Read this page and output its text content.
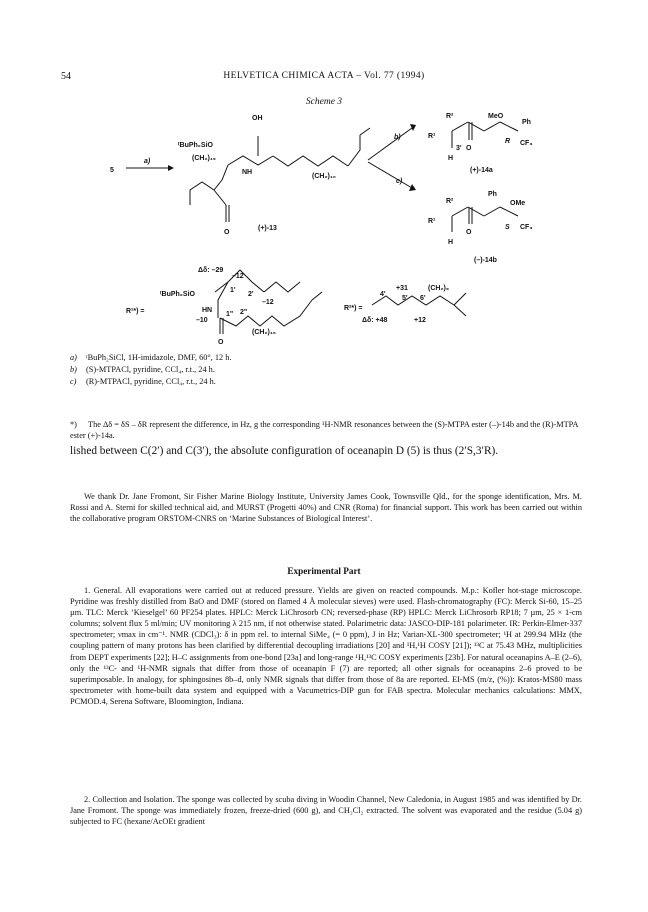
54	HELVETICA CHIMICA ACTA – Vol. 77 (1994)
Scheme 3
5
a)
OH
ᵗBuPh₂SiO
(CH₂)₁₉
NH
O
(CH₂)₁₀
(+)-13
b)
c)
R²
R¹
3'
H
O
MeO
Ph
CF₃
R
(+)-14a
R²
R¹
H
O
Ph
OMe
S CF₃
(–)-14b
R¹*) =
Δδ: –29
–12
1'
2'
ᵗBuPh₂SiO
HN
–12
–10
O
1" 2"
(CH₂)₁₆
R²*) =
+31	(CH₂)₉
4'
5' 6'
Δδ: +48	+12
a) ᵗBuPh₂SiCl, 1H-imidazole, DMF, 60°, 12 h.
b) (S)-MTPACl, pyridine, CCl₄, r.t., 24 h.
c) (R)-MTPACl, pyridine, CCl₄, r.t., 24 h.
*) The Δδ = δS – δR represent the difference, in Hz, g the corresponding ¹H-NMR resonances between the (S)-MTPA ester (–)-14b and the (R)-MTPA ester (+)-14a.
lished between C(2′) and C(3′), the absolute configuration of oceanapin D (5) is thus (2′S,3′R).
We thank Dr. Jane Fromont, Sir Fisher Marine Biology Institute, University James Cook, Townsville Qld., for the sponge identification, Mrs. M. Rossi and A. Sterni for skilled technical aid, and MURST (Progetti 40%) and CNR (Roma) for financial support. This work has been carried out within the collaborative program ORSTOM-CNRS on ‘Marine Substances of Biological Interest’.
Experimental Part
1. General. All evaporations were carried out at reduced pressure. Yields are given on reacted compounds. M.p.: Kofler hot-stage microscope. Pyridine was freshly distilled from BaO and DMF (stored on flamed 4 Å molecular sieves) were used. Flash-chromatography (FC): Merck Si-60, 15–25 µm. TLC: Merck ‘Kieselgel’ 60 PF254 plates. HPLC: Merck LiChrosorb CN; reversed-phase (RP) HPLC: Merck LiChrosorb RP18; 7 µm, 25 × 1-cm columns; solvent flux 5 ml/min; UV monitoring λ 215 nm, if not otherwise stated. Polarimetric data: JASCO-DIP-181 polarimeter. IR: Perkin-Elmer-337 spectrometer; νmax in cm⁻¹. NMR (CDCl₃): δ in ppm rel. to internal SiMe₄ (= 0 ppm), J in Hz; Varian-XL-300 spectrometer; ¹H at 299.94 MHz (the coupling pattern of many protons has been clarified by differential decoupling irradiations [20] and ¹H,¹H COSY [21]); ¹³C at 75.43 MHz, multiplicities from DEPT experiments [22]; H–C assignments from one-bond [23a] and long-range ¹H,¹³C COSY experiments [23b]. For natural oceanapins A–E (2–6), only the ¹³C- and ¹H-NMR signals that differ from those of oceanapin F (7) are reported; all other signals for oceanapins 2–6 proved to be superimposable. In analogy, for sphingosines 8b–d, only NMR signals that differ from those of 8a are reported. EI-MS (m/z, (%)): Kratos-MS80 mass spectrometer with home-built data system and equipped with a Vacumetrics-DIP gun for FAB spectra. Molecular mechanics calculations: MMX, PCMOD.4, Serena Software, Bloomington, Indiana.
2. Collection and Isolation. The sponge was collected by scuba diving in Woodin Channel, New Caledonia, in August 1985 and was identified by Dr. Jane Fromont. The sponge was immediately frozen, freeze-dried (600 g), and CH₂Cl₂ extracted. The solvent was evaporated and the residue (5.04 g) subjected to FC (hexane/AcOEt gradient
